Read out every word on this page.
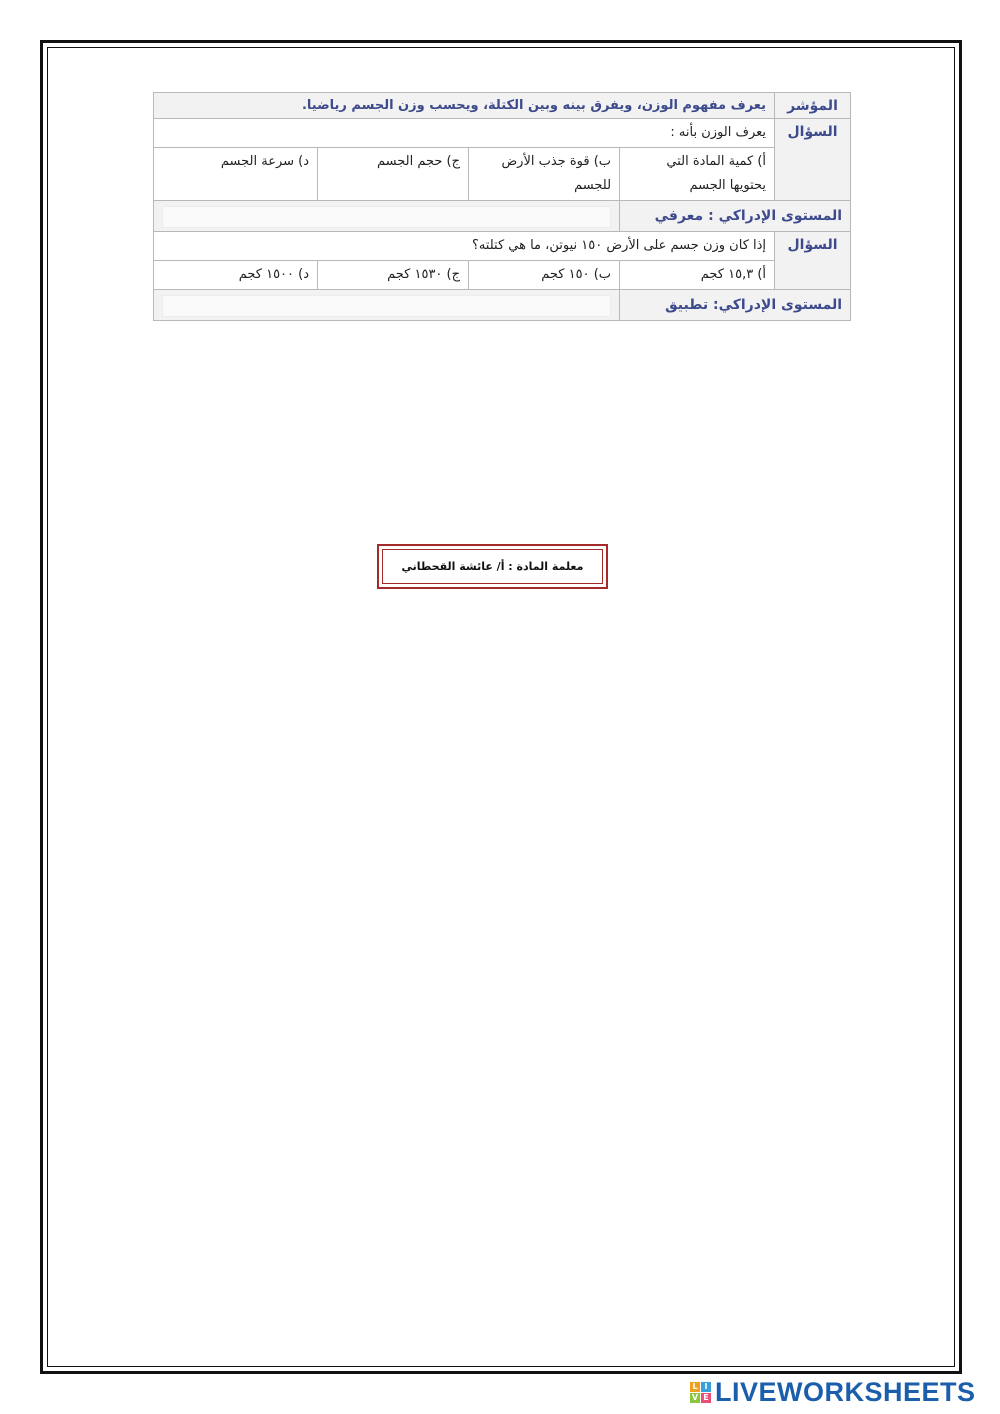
المؤشر	يعرف مفهوم الوزن، ويفرق بينه وبين الكتلة، ويحسب وزن الجسم رياضيا.			
السؤال	يعرف الوزن بأنه :			
	أ) كمية المادة التي يحتويها الجسم	ب) قوة جذب الأرض للجسم	ج) حجم الجسم	د) سرعة الجسم
المستوى الإدراكي : معرفي				

السؤال	إذا كان وزن جسم على الأرض ١٥٠ نيوتن، ما هي كتلته؟			
	أ) ١٥,٣ كجم	ب) ١٥٠ كجم	ج) ١٥٣٠ كجم	د) ١٥٠٠ كجم
المستوى الإدراكي: تطبيق				
معلمة المادة : أ/ عائشة القحطاني
L I
V E LIVEWORKSHEETS
